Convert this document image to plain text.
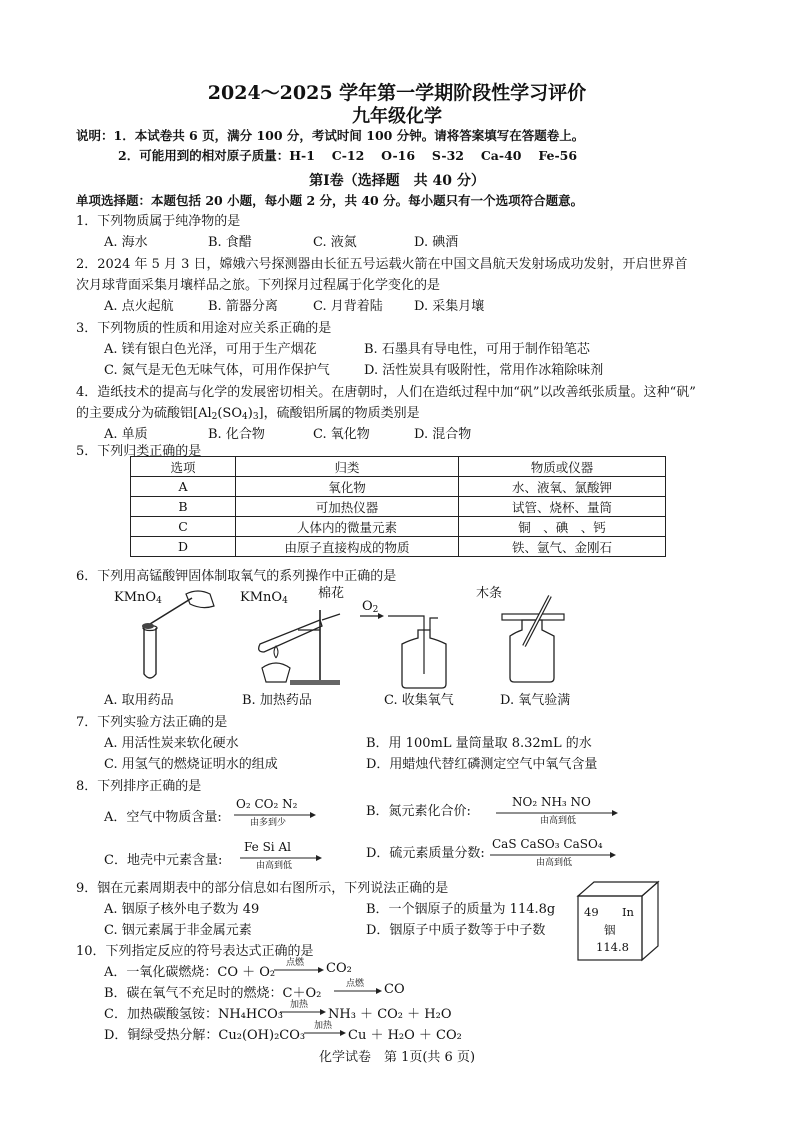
2024～2025 学年第一学期阶段性学习评价
九年级化学
说明：1．本试卷共 6 页，满分 100 分，考试时间 100 分钟。请将答案填写在答题卷上。
2．可能用到的相对原子质量：H-1　 C-12　 O-16　 S-32　 Ca-40　 Fe-56
第Ⅰ卷（选择题　共 40 分）
单项选择题：本题包括 20 小题，每小题 2 分，共 40 分。每小题只有一个选项符合题意。
1．下列物质属于纯净物的是
A. 海水	B. 食醋	C. 液氮	D. 碘酒
2．2024 年 5 月 3 日，嫦娥六号探测器由长征五号运载火箭在中国文昌航天发射场成功发射，开启世界首
次月球背面采集月壤样品之旅。下列探月过程属于化学变化的是
A. 点火起航	B. 箭器分离	C. 月背着陆 D. 采集月壤
3．下列物质的性质和用途对应关系正确的是
A. 镁有银白色光泽，可用于生产烟花	B. 石墨具有导电性，可用于制作铅笔芯
C. 氮气是无色无味气体，可用作保护气	D. 活性炭具有吸附性，常用作冰箱除味剂
4．造纸技术的提高与化学的发展密切相关。在唐朝时，人们在造纸过程中加“矾”以改善纸张质量。这种“矾”
的主要成分为硫酸铝$[Al_2(SO_4)_3]$，硫酸铝所属的物质类别是
A. 单质	B. 化合物	C. 氧化物	D. 混合物
5．下列归类正确的是
选项	归类	物质或仪器
A	氧化物	水、液氧、氯酸钾
B	可加热仪器	试管、烧杯、量筒
C	人体内的微量元素	铜　、碘　、钙
D	由原子直接构成的物质	铁、氩气、金刚石
6．下列用高锰酸钾固体制取氧气的系列操作中正确的是
KMnO$_4$
A. 取用药品
KMnO$_4$ 棉花
B. 加热药品
$O_2$
C. 收集氧气
木条
D. 氧气验满
7．下列实验方法正确的是
A. 用活性炭来软化硬水	B．用 100mL 量筒量取 8.32mL 的水
C. 用氢气的燃烧证明水的组成	D．用蜡烛代替红磷测定空气中氧气含量
8．下列排序正确的是
A．空气中物质含量:
O₂ CO₂ N₂
由多到少
B．氮元素化合价:
NO₂ NH₃ NO
由高到低
C．地壳中元素含量:
Fe Si Al
由高到低
D．硫元素质量分数:
CaS CaSO₃ CaSO₄
由高到低
9．铟在元素周期表中的部分信息如右图所示，下列说法正确的是
A. 铟原子核外电子数为 49	B．一个铟原子的质量为 114.8g
C. 铟元素属于非金属元素	D．铟原子中质子数等于中子数
49 In
铟
114.8
10．下列指定反应的符号表达式正确的是
A．一氧化碳燃烧：CO ＋ O₂
点燃 CO₂
B．碳在氧气不充足时的燃烧：C＋O₂
点燃 CO
C．加热碳酸氢铵：NH₄HCO₃
加热
NH₃ ＋ CO₂ ＋ H₂O
D．铜绿受热分解：Cu₂(OH)₂CO₃
加热
Cu ＋ H₂O ＋ CO₂
化学试卷　第 1页(共 6 页)
